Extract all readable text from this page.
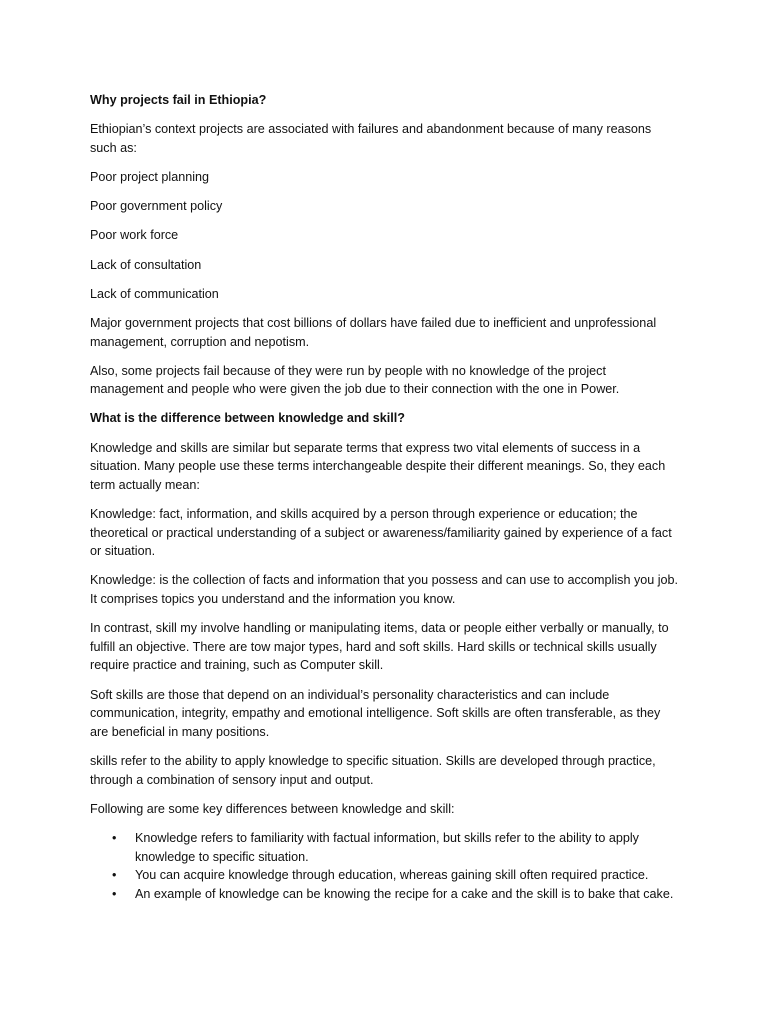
Why projects fail in Ethiopia?

Ethiopian’s context projects are associated with failures and abandonment because of many reasons such as:

Poor project planning

Poor government policy

Poor work force

Lack of consultation

Lack of communication

Major government projects that cost billions of dollars have failed due to inefficient and unprofessional management, corruption and nepotism.

Also, some projects fail because of they were run by people with no knowledge of the project management and people who were given the job due to their connection with the one in Power.

What is the difference between knowledge and skill?

Knowledge and skills are similar but separate terms that express two vital elements of success in a situation. Many people use these terms interchangeable despite their different meanings. So, they each term actually mean:

Knowledge: fact, information, and skills acquired by a person through experience or education; the theoretical or practical understanding of a subject or awareness/familiarity gained by experience of a fact or situation.

Knowledge: is the collection of facts and information that you possess and can use to accomplish you job. It comprises topics you understand and the information you know.

In contrast, skill my involve handling or manipulating items, data or people either verbally or manually, to fulfill an objective. There are tow major types, hard and soft skills. Hard skills or technical skills usually require practice and training, such as Computer skill.

Soft skills are those that depend on an individual’s personality characteristics and can include communication, integrity, empathy and emotional intelligence. Soft skills are often transferable, as they are beneficial in many positions.

skills refer to the ability to apply knowledge to specific situation. Skills are developed through practice, through a combination of sensory input and output.

Following are some key differences between knowledge and skill:

• Knowledge refers to familiarity with factual information, but skills refer to the ability to apply knowledge to specific situation.
• You can acquire knowledge through education, whereas gaining skill often required practice.
• An example of knowledge can be knowing the recipe for a cake and the skill is to bake that cake.
